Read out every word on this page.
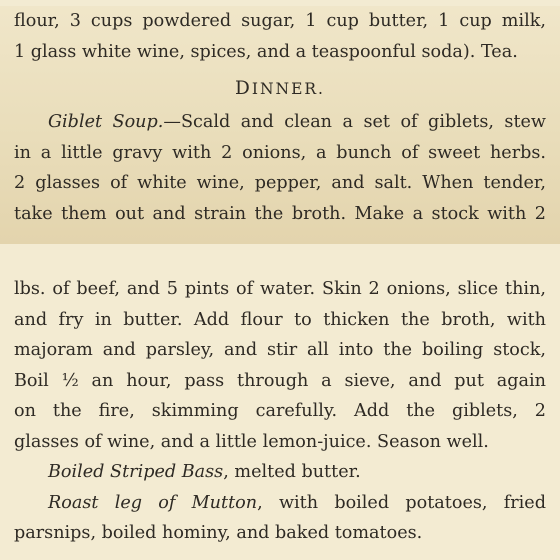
flour, 3 cups powdered sugar, 1 cup butter, 1 cup milk,
1 glass white wine, spices, and a teaspoonful soda). Tea.
DINNER.
Giblet Soup.—Scald and clean a set of giblets, stew
in a little gravy with 2 onions, a bunch of sweet herbs.
2 glasses of white wine, pepper, and salt. When tender,
take them out and strain the broth. Make a stock with 2
lbs. of beef, and 5 pints of water. Skin 2 onions, slice thin,
and fry in butter. Add flour to thicken the broth, with
majoram and parsley, and stir all into the boiling stock,
Boil ½ an hour, pass through a sieve, and put again
on the fire, skimming carefully. Add the giblets, 2
glasses of wine, and a little lemon-juice. Season well.
Boiled Striped Bass, melted butter.
Roast leg of Mutton, with boiled potatoes, fried
parsnips, boiled hominy, and baked tomatoes.
